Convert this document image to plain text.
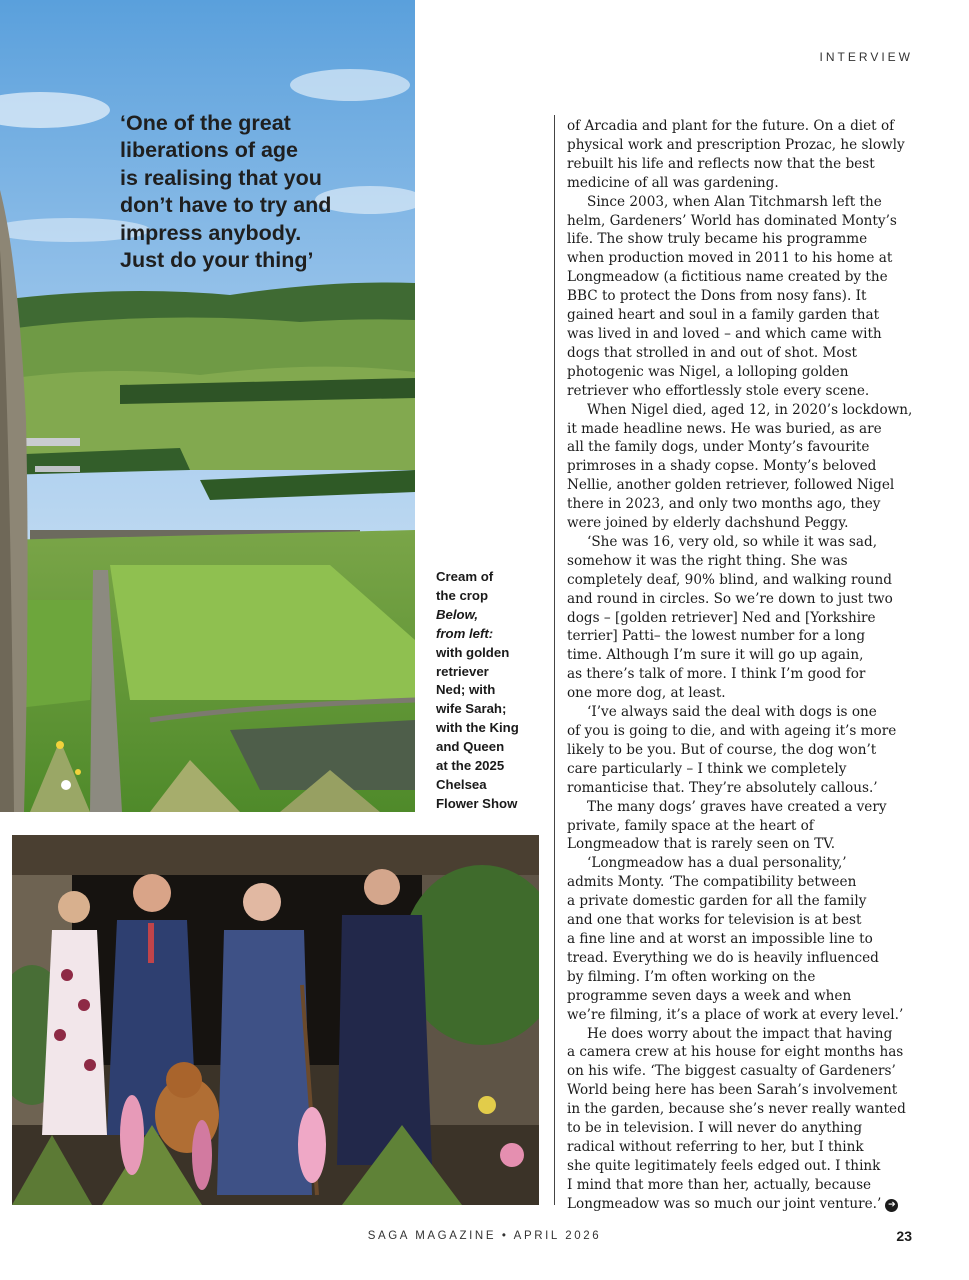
INTERVIEW
‘One of the great
liberations of age
is realising that you
don’t have to try and
impress anybody.
Just do your thing’
Cream of
the crop
Below,
from left:
with golden
retriever
Ned; with
wife Sarah;
with the King
and Queen
at the 2025
Chelsea
Flower Show
of Arcadia and plant for the future. On a diet of
physical work and prescription Prozac, he slowly
rebuilt his life and reflects now that the best
medicine of all was gardening.
Since 2003, when Alan Titchmarsh left the
helm, Gardeners’ World has dominated Monty’s
life. The show truly became his programme
when production moved in 2011 to his home at
Longmeadow (a fictitious name created by the
BBC to protect the Dons from nosy fans). It
gained heart and soul in a family garden that
was lived in and loved – and which came with
dogs that strolled in and out of shot. Most
photogenic was Nigel, a lolloping golden
retriever who effortlessly stole every scene.
When Nigel died, aged 12, in 2020’s lockdown,
it made headline news. He was buried, as are
all the family dogs, under Monty’s favourite
primroses in a shady copse. Monty’s beloved
Nellie, another golden retriever, followed Nigel
there in 2023, and only two months ago, they
were joined by elderly dachshund Peggy.
‘She was 16, very old, so while it was sad,
somehow it was the right thing. She was
completely deaf, 90% blind, and walking round
and round in circles. So we’re down to just two
dogs – [golden retriever] Ned and [Yorkshire
terrier] Patti– the lowest number for a long
time. Although I’m sure it will go up again,
as there’s talk of more. I think I’m good for
one more dog, at least.
‘I’ve always said the deal with dogs is one
of you is going to die, and with ageing it’s more
likely to be you. But of course, the dog won’t
care particularly – I think we completely
romanticise that. They’re absolutely callous.’
The many dogs’ graves have created a very
private, family space at the heart of
Longmeadow that is rarely seen on TV.
‘Longmeadow has a dual personality,’
admits Monty. ‘The compatibility between
a private domestic garden for all the family
and one that works for television is at best
a fine line and at worst an impossible line to
tread. Everything we do is heavily influenced
by filming. I’m often working on the
programme seven days a week and when
we’re filming, it’s a place of work at every level.’
He does worry about the impact that having
a camera crew at his house for eight months has
on his wife. ‘The biggest casualty of Gardeners’
World being here has been Sarah’s involvement
in the garden, because she’s never really wanted
to be in television. I will never do anything
radical without referring to her, but I think
she quite legitimately feels edged out. I think
I mind that more than her, actually, because
Longmeadow was so much our joint venture.’ ➔
SAGA MAGAZINE • APRIL 2026	23
